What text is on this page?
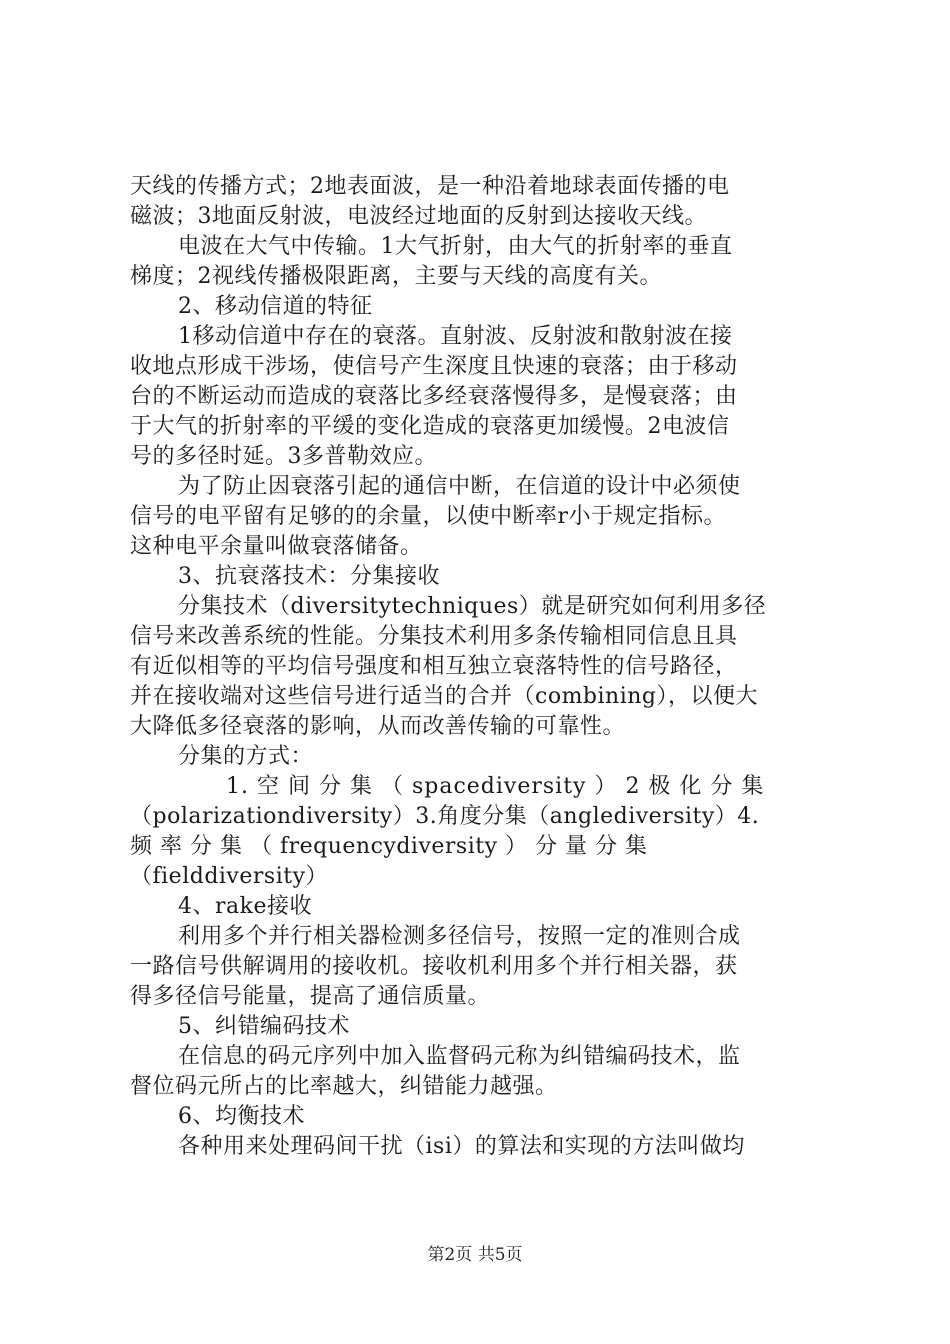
天线的传播方式；2地表面波，是一种沿着地球表面传播的电
磁波；3地面反射波，电波经过地面的反射到达接收天线。
电波在大气中传输。1大气折射，由大气的折射率的垂直
梯度；2视线传播极限距离，主要与天线的高度有关。
2、移动信道的特征
1移动信道中存在的衰落。直射波、反射波和散射波在接
收地点形成干涉场，使信号产生深度且快速的衰落；由于移动
台的不断运动而造成的衰落比多经衰落慢得多，是慢衰落；由
于大气的折射率的平缓的变化造成的衰落更加缓慢。2电波信
号的多径时延。3多普勒效应。
为了防止因衰落引起的通信中断，在信道的设计中必须使
信号的电平留有足够的的余量，以使中断率r小于规定指标。
这种电平余量叫做衰落储备。
3、抗衰落技术：分集接收
分集技术（diversitytechniques）就是研究如何利用多径
信号来改善系统的性能。分集技术利用多条传输相同信息且具
有近似相等的平均信号强度和相互独立衰落特性的信号路径，
并在接收端对这些信号进行适当的合并（combining），以便大
大降低多径衰落的影响，从而改善传输的可靠性。
分集的方式：
1. 空 间 分 集 （ spacediversity ） 2 极 化 分 集
（polarizationdiversity）3.角度分集（anglediversity）4.
频 率 分 集 （ frequencydiversity ） 分 量 分 集
（fielddiversity）
4、rake接收
利用多个并行相关器检测多径信号，按照一定的准则合成
一路信号供解调用的接收机。接收机利用多个并行相关器，获
得多径信号能量，提高了通信质量。
5、纠错编码技术
在信息的码元序列中加入监督码元称为纠错编码技术，监
督位码元所占的比率越大，纠错能力越强。
6、均衡技术
各种用来处理码间干扰（isi）的算法和实现的方法叫做均
第2页 共5页
